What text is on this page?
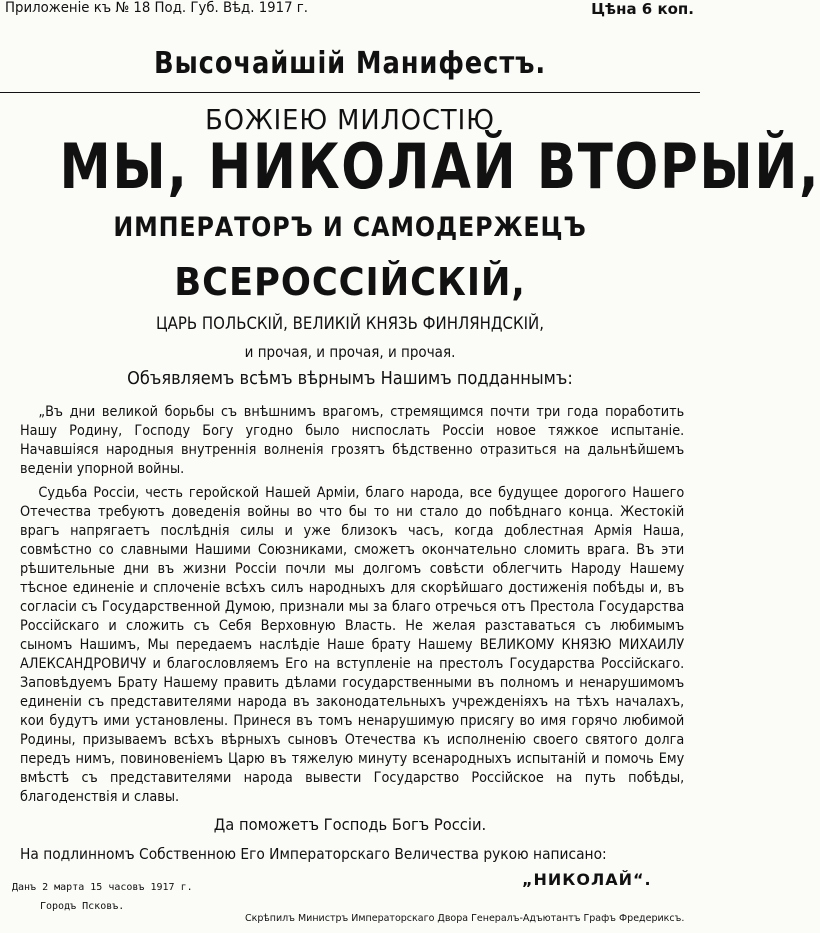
Приложеніе къ № 18 Под. Губ. Вѣд. 1917 г.	Цѣна 6 коп.
Высочайшій Манифестъ.
БОЖІЕЮ МИЛОСТІЮ
МЫ, НИКОЛАЙ ВТОРЫЙ,
ИМПЕРАТОРЪ И САМОДЕРЖЕЦЪ
ВСЕРОССІЙСКІЙ,
ЦАРЬ ПОЛЬСКІЙ, ВЕЛИКІЙ КНЯЗЬ ФИНЛЯНДСКІЙ,
и прочая, и прочая, и прочая.
Объявляемъ всѣмъ вѣрнымъ Нашимъ подданнымъ:
„Въ дни великой борьбы съ внѣшнимъ врагомъ, стремящимся почти три года поработить Нашу Родину, Господу Богу угодно было ниспослать Россіи новое тяжкое испытаніе. Начавшіяся народныя внутреннія волненія грозятъ бѣдственно отразиться на дальнѣйшемъ веденіи упорной войны.
Судьба Россіи, честь геройской Нашей Арміи, благо народа, все будущее дорогого Нашего Отечества требуютъ доведенія войны во что бы то ни стало до побѣднаго конца. Жестокій врагъ напрягаетъ послѣднія силы и уже близокъ часъ, когда доблестная Армія Наша, совмѣстно со славными Нашими Союзниками, сможетъ окончательно сломить врага. Въ эти рѣшительные дни въ жизни Россіи почли мы долгомъ совѣсти облегчить Народу Нашему тѣсное единеніе и сплоченіе всѣхъ силъ народныхъ для скорѣйшаго достиженія побѣды и, въ согласіи съ Государственной Думою, признали мы за благо отречься отъ Престола Государства Россійскаго и сложить съ Себя Верховную Власть. Не желая разставаться съ любимымъ сыномъ Нашимъ, Мы передаемъ наслѣдіе Наше брату Нашему ВЕЛИКОМУ КНЯЗЮ МИХАИЛУ АЛЕКСАНДРОВИЧУ и благословляемъ Его на вступленіе на престолъ Государства Россійскаго. Заповѣдуемъ Брату Нашему править дѣлами государственными въ полномъ и ненарушимомъ единеніи съ представителями народа въ законодательныхъ учрежденіяхъ на тѣхъ началахъ, кои будутъ ими установлены. Принеся въ томъ ненарушимую присягу во имя горячо любимой Родины, призываемъ всѣхъ вѣрныхъ сыновъ Отечества къ исполненію своего святого долга передъ нимъ, повиновеніемъ Царю въ тяжелую минуту всенародныхъ испытаній и помочь Ему вмѣстѣ съ представителями народа вывести Государство Россійское на путь побѣды, благоденствія и славы.
Да поможетъ Господь Богъ Россіи.
На подлинномъ Собственною Его Императорскаго Величества рукою написано:
„НИКОЛАЙ“.
Данъ 2 марта 15 часовъ 1917 г.
Городъ Псковъ.
Скрѣпилъ Министръ Императорскаго Двора Генералъ-Адъютантъ Графъ Фредериксъ.
